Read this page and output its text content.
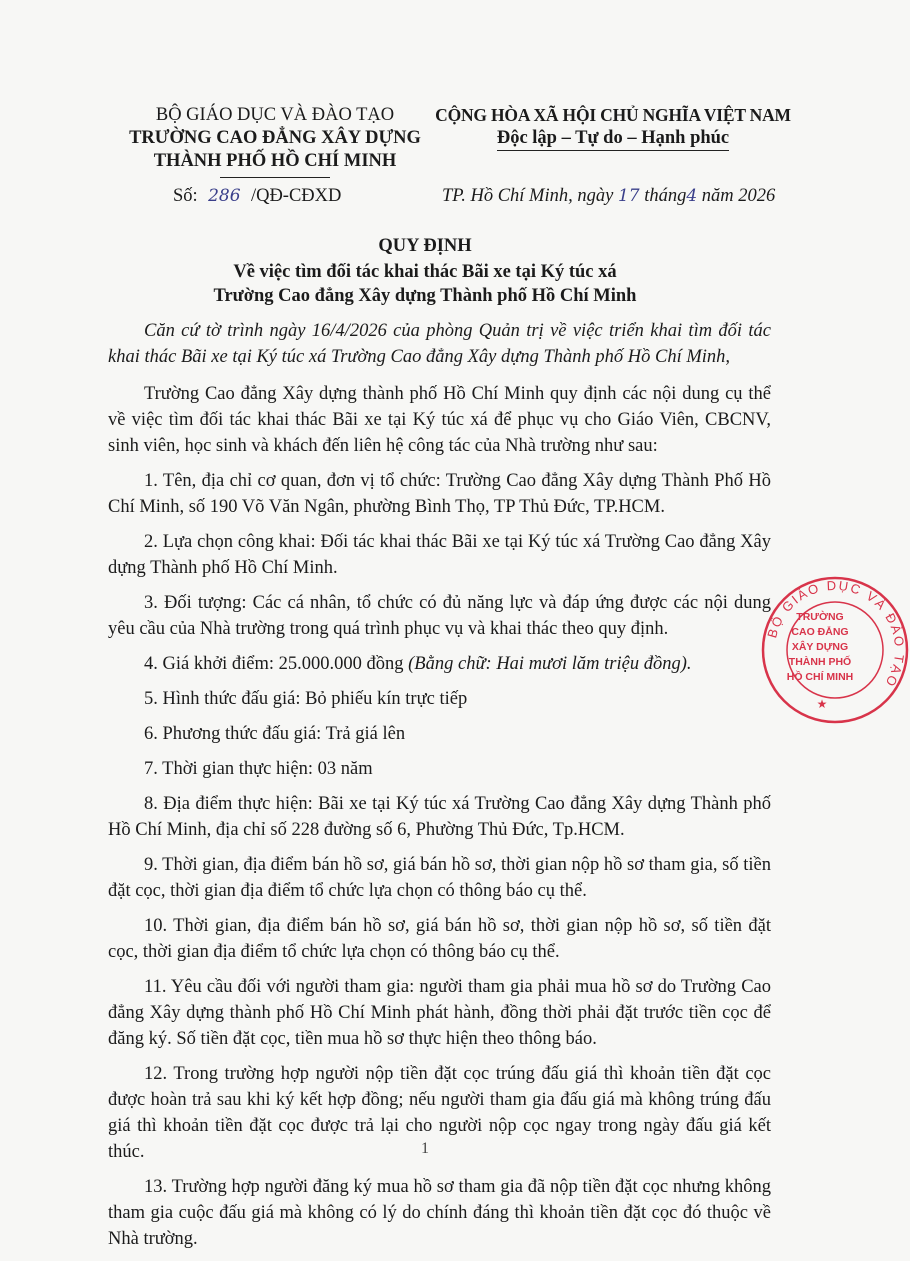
BỘ GIÁO DỤC VÀ ĐÀO TẠO
TRƯỜNG CAO ĐẲNG XÂY DỰNG
THÀNH PHỐ HỒ CHÍ MINH
CỘNG HÒA XÃ HỘI CHỦ NGHĨA VIỆT NAM
Độc lập – Tự do – Hạnh phúc
Số: 286 /QĐ-CĐXD	TP. Hồ Chí Minh, ngày 17 tháng4 năm 2026
QUY ĐỊNH
Về việc tìm đối tác khai thác Bãi xe tại Ký túc xá
Trường Cao đẳng Xây dựng Thành phố Hồ Chí Minh

Căn cứ tờ trình ngày 16/4/2026 của phòng Quản trị về việc triển khai tìm đối tác khai thác Bãi xe tại Ký túc xá Trường Cao đẳng Xây dựng Thành phố Hồ Chí Minh,

Trường Cao đẳng Xây dựng thành phố Hồ Chí Minh quy định các nội dung cụ thể về việc tìm đối tác khai thác Bãi xe tại Ký túc xá để phục vụ cho Giáo Viên, CBCNV, sinh viên, học sinh và khách đến liên hệ công tác của Nhà trường như sau:

1. Tên, địa chỉ cơ quan, đơn vị tổ chức: Trường Cao đẳng Xây dựng Thành Phố Hồ Chí Minh, số 190 Võ Văn Ngân, phường Bình Thọ, TP Thủ Đức, TP.HCM.

2. Lựa chọn công khai: Đối tác khai thác Bãi xe tại Ký túc xá Trường Cao đẳng Xây dựng Thành phố Hồ Chí Minh.

3. Đối tượng: Các cá nhân, tổ chức có đủ năng lực và đáp ứng được các nội dung yêu cầu của Nhà trường trong quá trình phục vụ và khai thác theo quy định.

4. Giá khởi điểm: 25.000.000 đồng (Bằng chữ: Hai mươi lăm triệu đồng).

5. Hình thức đấu giá: Bỏ phiếu kín trực tiếp

6. Phương thức đấu giá: Trả giá lên

7. Thời gian thực hiện: 03 năm

8. Địa điểm thực hiện: Bãi xe tại Ký túc xá Trường Cao đẳng Xây dựng Thành phố Hồ Chí Minh, địa chỉ số 228 đường số 6, Phường Thủ Đức, Tp.HCM.

9. Thời gian, địa điểm bán hồ sơ, giá bán hồ sơ, thời gian nộp hồ sơ tham gia, số tiền đặt cọc, thời gian địa điểm tổ chức lựa chọn có thông báo cụ thể.

10. Thời gian, địa điểm bán hồ sơ, giá bán hồ sơ, thời gian nộp hồ sơ, số tiền đặt cọc, thời gian địa điểm tổ chức lựa chọn có thông báo cụ thể.

11. Yêu cầu đối với người tham gia: người tham gia phải mua hồ sơ do Trường Cao đẳng Xây dựng thành phố Hồ Chí Minh phát hành, đồng thời phải đặt trước tiền cọc để đăng ký. Số tiền đặt cọc, tiền mua hồ sơ thực hiện theo thông báo.

12. Trong trường hợp người nộp tiền đặt cọc trúng đấu giá thì khoản tiền đặt cọc được hoàn trả sau khi ký kết hợp đồng; nếu người tham gia đấu giá mà không trúng đấu giá thì khoản tiền đặt cọc được trả lại cho người nộp cọc ngay trong ngày đấu giá kết thúc.

13. Trường hợp người đăng ký mua hồ sơ tham gia đã nộp tiền đặt cọc nhưng không tham gia cuộc đấu giá mà không có lý do chính đáng thì khoản tiền đặt cọc đó thuộc về Nhà trường.

BỘ GIÁO DỤC VÀ ĐÀO TẠO
TRƯỜNG
CAO ĐẲNG
XÂY DỰNG
THÀNH PHỐ
HỒ CHÍ MINH
★
1
